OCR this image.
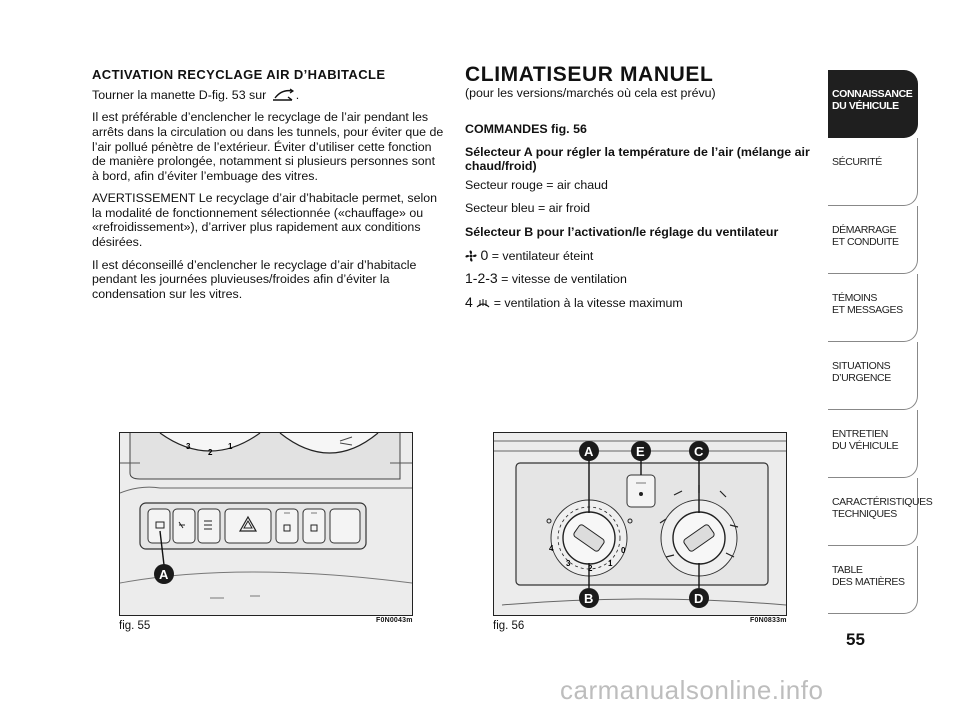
ACTIVATION RECYCLAGE AIR D’HABITACLE

Tourner la manette D-fig. 53 sur .

Il est préférable d’enclencher le recyclage de l’air pendant les arrêts dans la circulation ou dans les tunnels, pour éviter que de l’air pollué pénètre de l’extérieur. Éviter d’utiliser cette fonction de manière prolongée, notamment si plusieurs personnes sont à bord, afin d’éviter l’embuage des vitres.

AVERTISSEMENT Le recyclage d’air d’habitacle permet, selon la modalité de fonctionnement sélectionnée («chauffage» ou «refroidissement»), d’arriver plus rapidement aux conditions désirées.

Il est déconseillé d’enclencher le recyclage d’air d’habitacle pendant les journées pluvieuses/froides afin d’éviter la condensation sur les vitres.

CLIMATISEUR MANUEL

(pour les versions/marchés où cela est prévu)

COMMANDES fig. 56

Sélecteur A pour régler la température de l’air (mélange air chaud/froid)

Secteur rouge = air chaud

Secteur bleu = air froid

Sélecteur B pour l’activation/le réglage du ventilateur

0 = ventilateur éteint

1-2-3 = vitesse de ventilation

4 = ventilation à la vitesse maximum

3
2
1
A
fig. 55	F0N0043m
4
3
2
1
0
A	E	C
B	D
fig. 56	F0N0833m
CONNAISSANCE
DU VÉHICULE
SÉCURITÉ
DÉMARRAGE
ET CONDUITE
TÉMOINS
ET MESSAGES
SITUATIONS
D’URGENCE
ENTRETIEN
DU VÉHICULE
CARACTÉRISTIQUES
TECHNIQUES
TABLE
DES MATIÈRES
55
carmanualsonline.info
